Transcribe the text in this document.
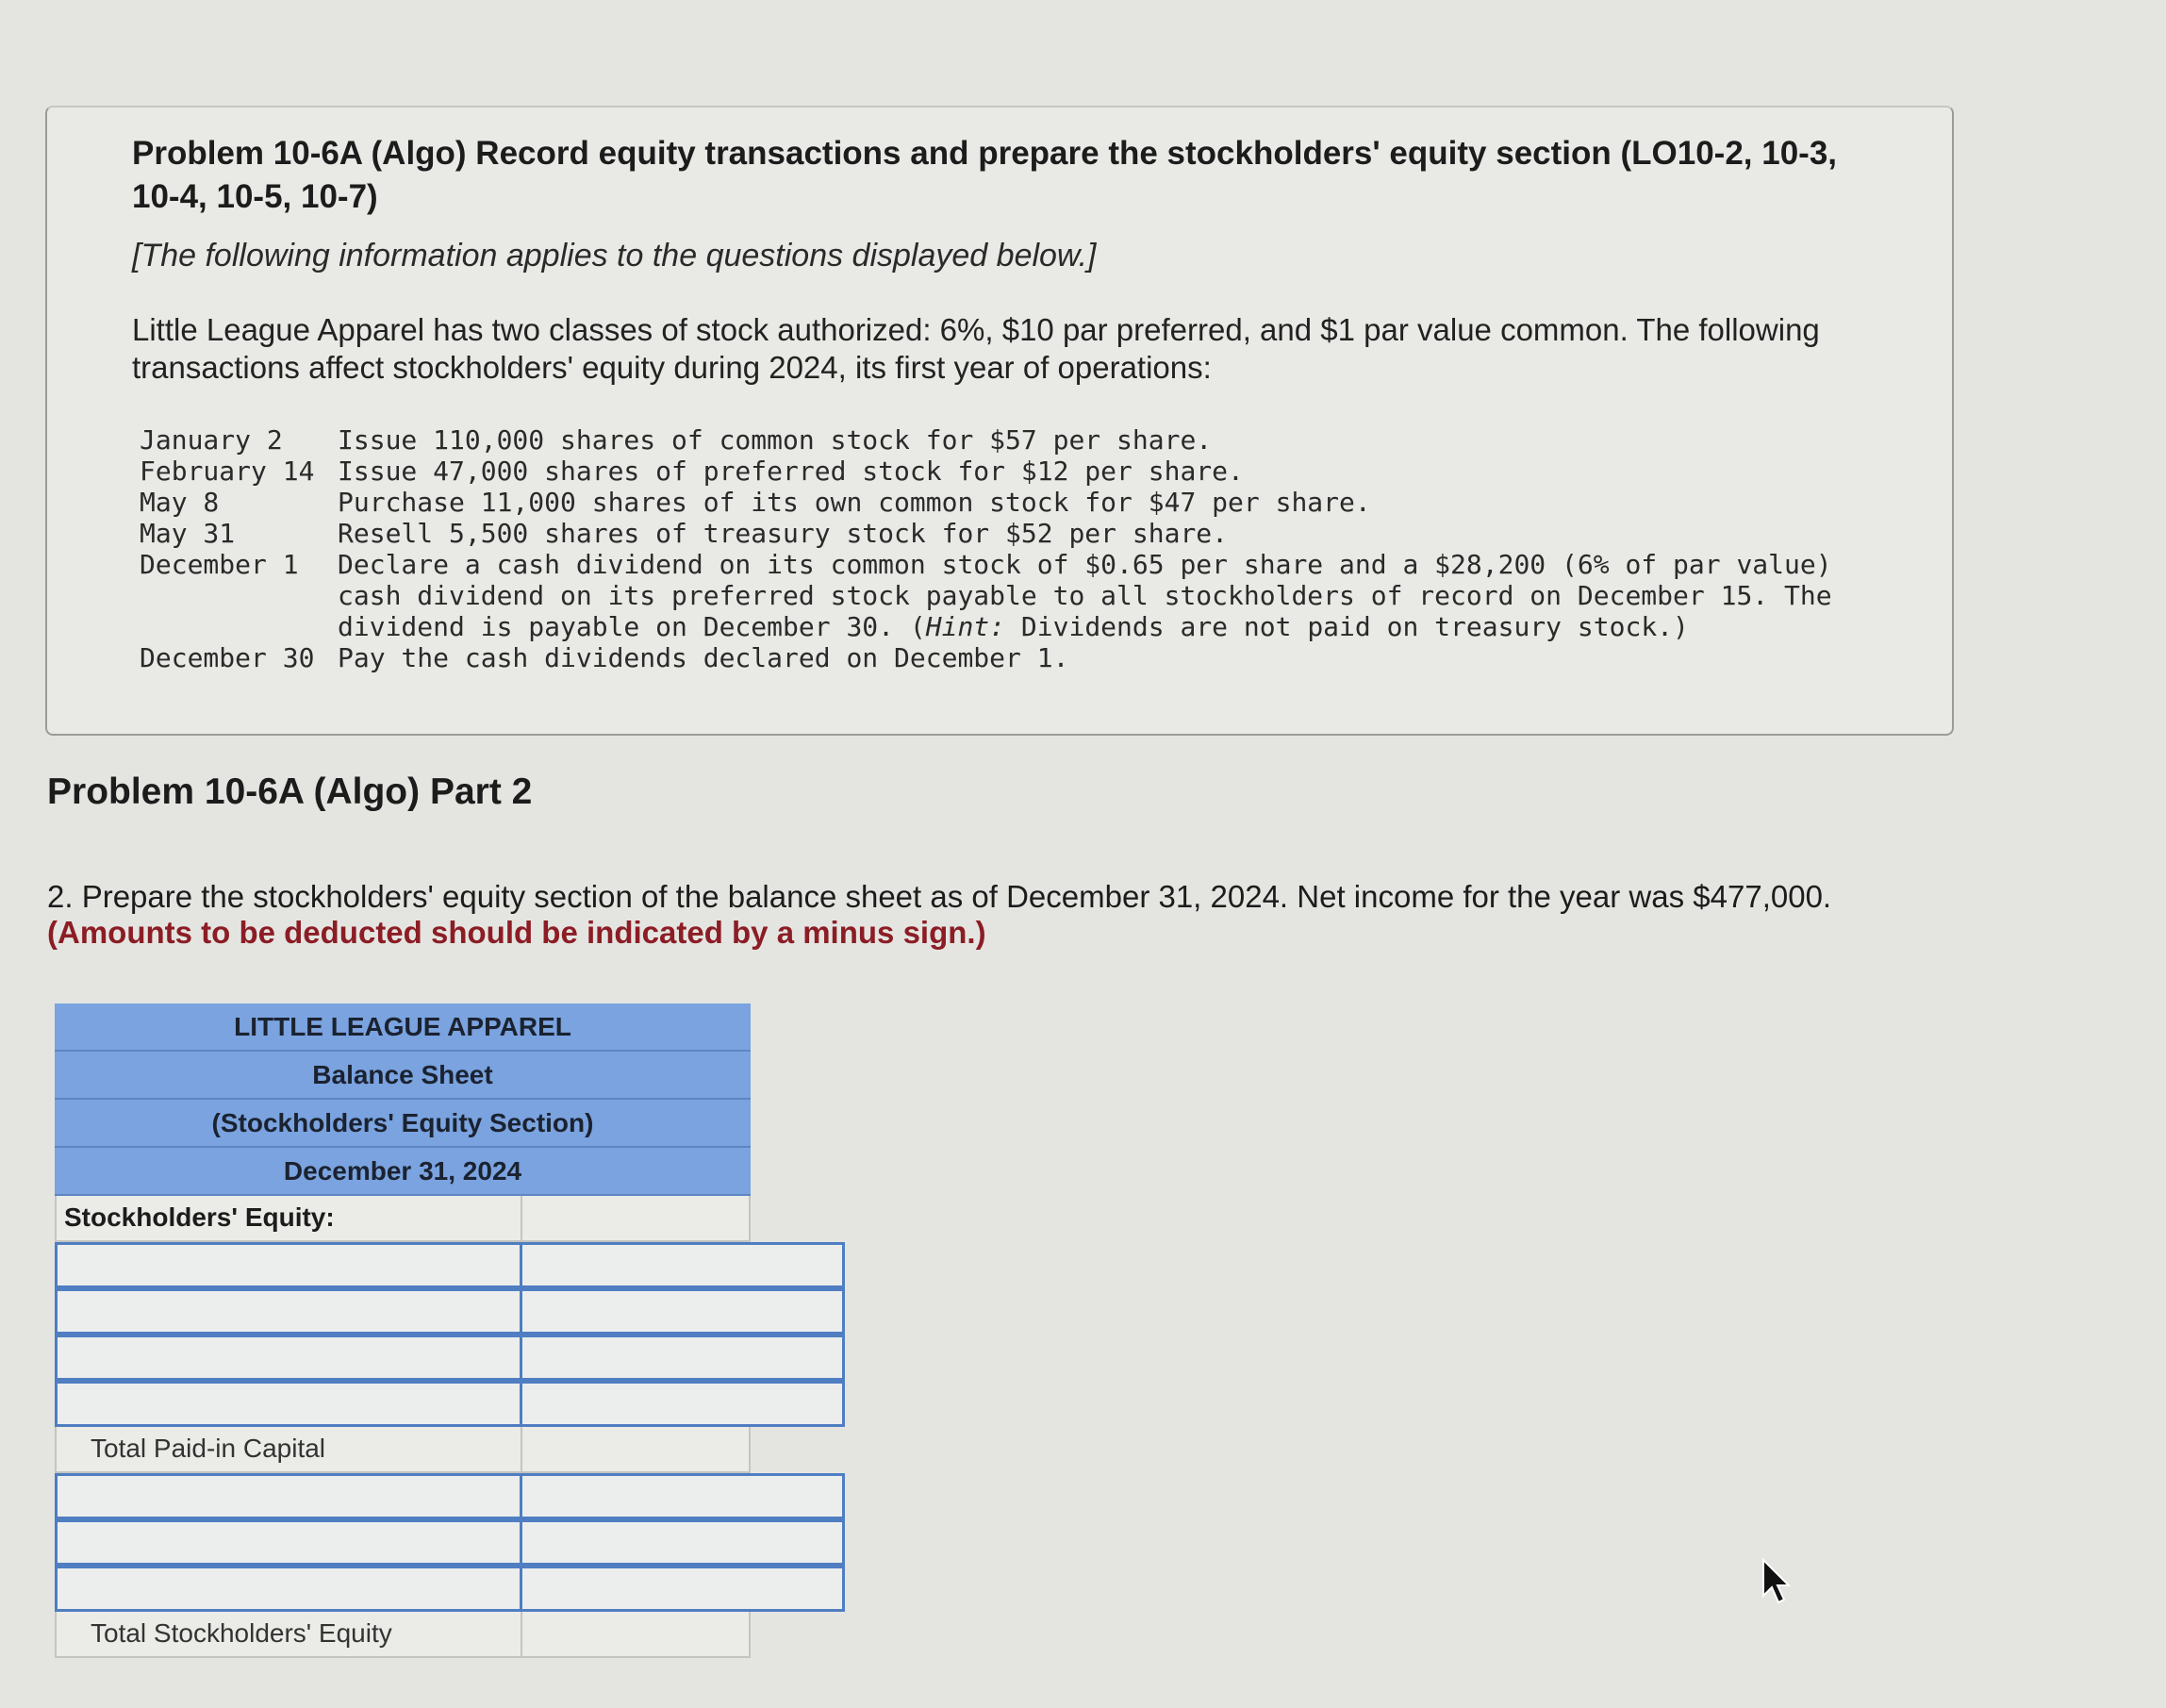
Problem 10-6A (Algo) Record equity transactions and prepare the stockholders' equity section (LO10-2, 10-3, 10-4, 10-5, 10-7)
[The following information applies to the questions displayed below.]
Little League Apparel has two classes of stock authorized: 6%, $10 par preferred, and $1 par value common. The following transactions affect stockholders' equity during 2024, its first year of operations:
January 2	Issue 110,000 shares of common stock for $57 per share.
February 14 Issue 47,000 shares of preferred stock for $12 per share.
May 8	Purchase 11,000 shares of its own common stock for $47 per share.
May 31	Resell 5,500 shares of treasury stock for $52 per share.
December 1	Declare a cash dividend on its common stock of $0.65 per share and a $28,200 (6% of par value) cash dividend on its preferred stock payable to all stockholders of record on December 15. The dividend is payable on December 30. (Hint: Dividends are not paid on treasury stock.)
December 30 Pay the cash dividends declared on December 1.
Problem 10-6A (Algo) Part 2
2. Prepare the stockholders' equity section of the balance sheet as of December 31, 2024. Net income for the year was $477,000.
(Amounts to be deducted should be indicated by a minus sign.)
LITTLE LEAGUE APPAREL
Balance Sheet
(Stockholders' Equity Section)
December 31, 2024
Stockholders' Equity:
Total Paid-in Capital
Total Stockholders' Equity
